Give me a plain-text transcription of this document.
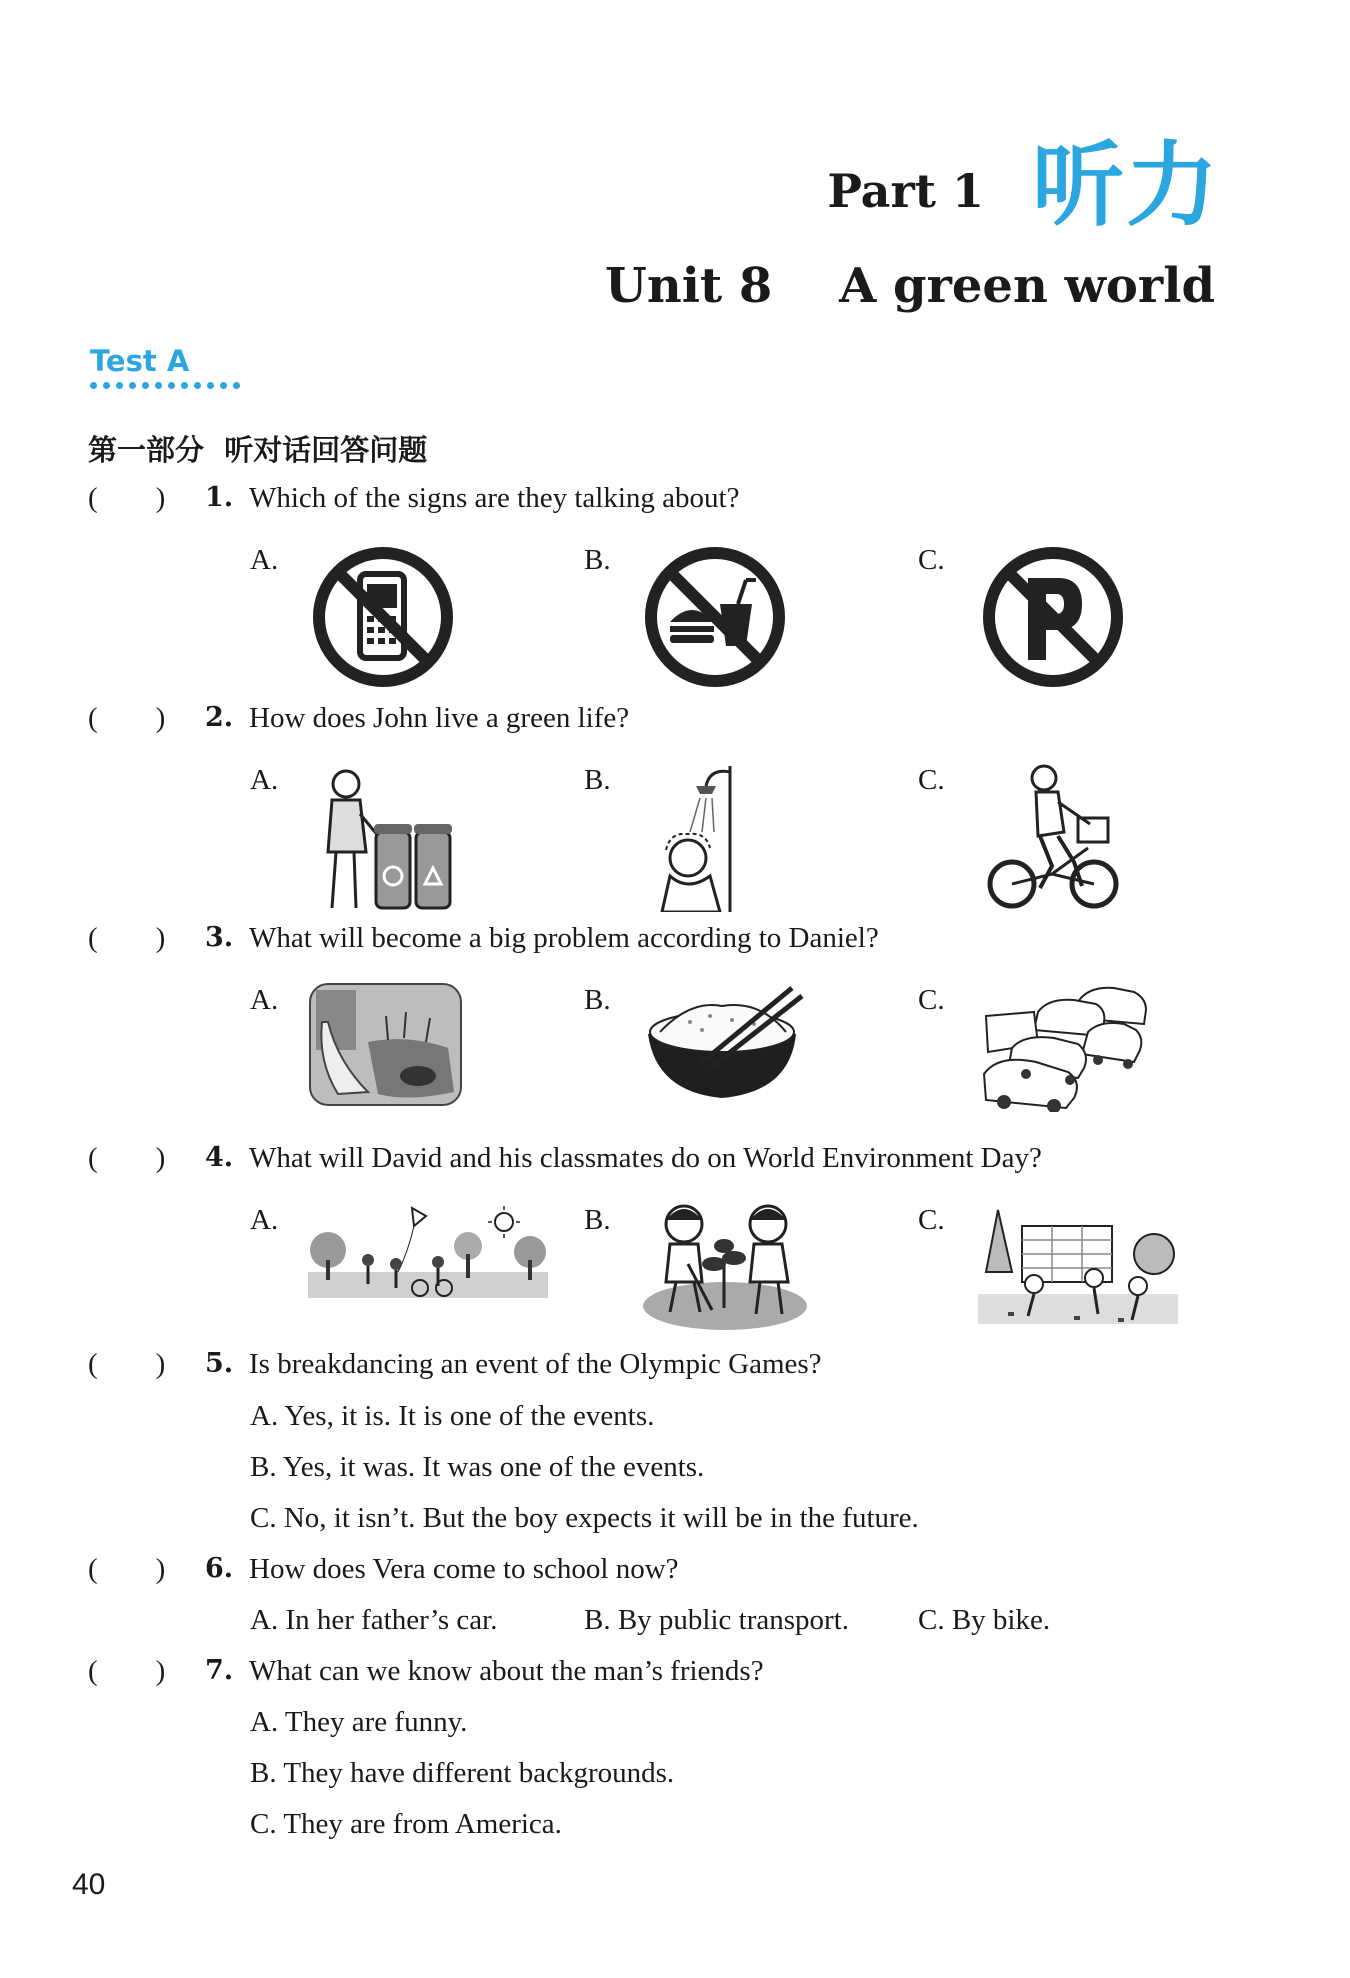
Part 1 听力
Unit 8    A green world
Test A
第一部分  听对话回答问题
(        ) 1. Which of the signs are they talking about?
A.	B.	C.
(        ) 2. How does John live a green life?
A.	B.	C.
(        ) 3. What will become a big problem according to Daniel?
A.	B.	C.
(        ) 4. What will David and his classmates do on World Environment Day?
A.	B.	C.
(        ) 5. Is breakdancing an event of the Olympic Games?
A. Yes, it is. It is one of the events.
B. Yes, it was. It was one of the events.
C. No, it isn’t. But the boy expects it will be in the future.
(        ) 6. How does Vera come to school now?
A. In her father’s car.	B. By public transport. C. By bike.
(        ) 7. What can we know about the man’s friends?
A. They are funny.
B. They have different backgrounds.
C. They are from America.
40
